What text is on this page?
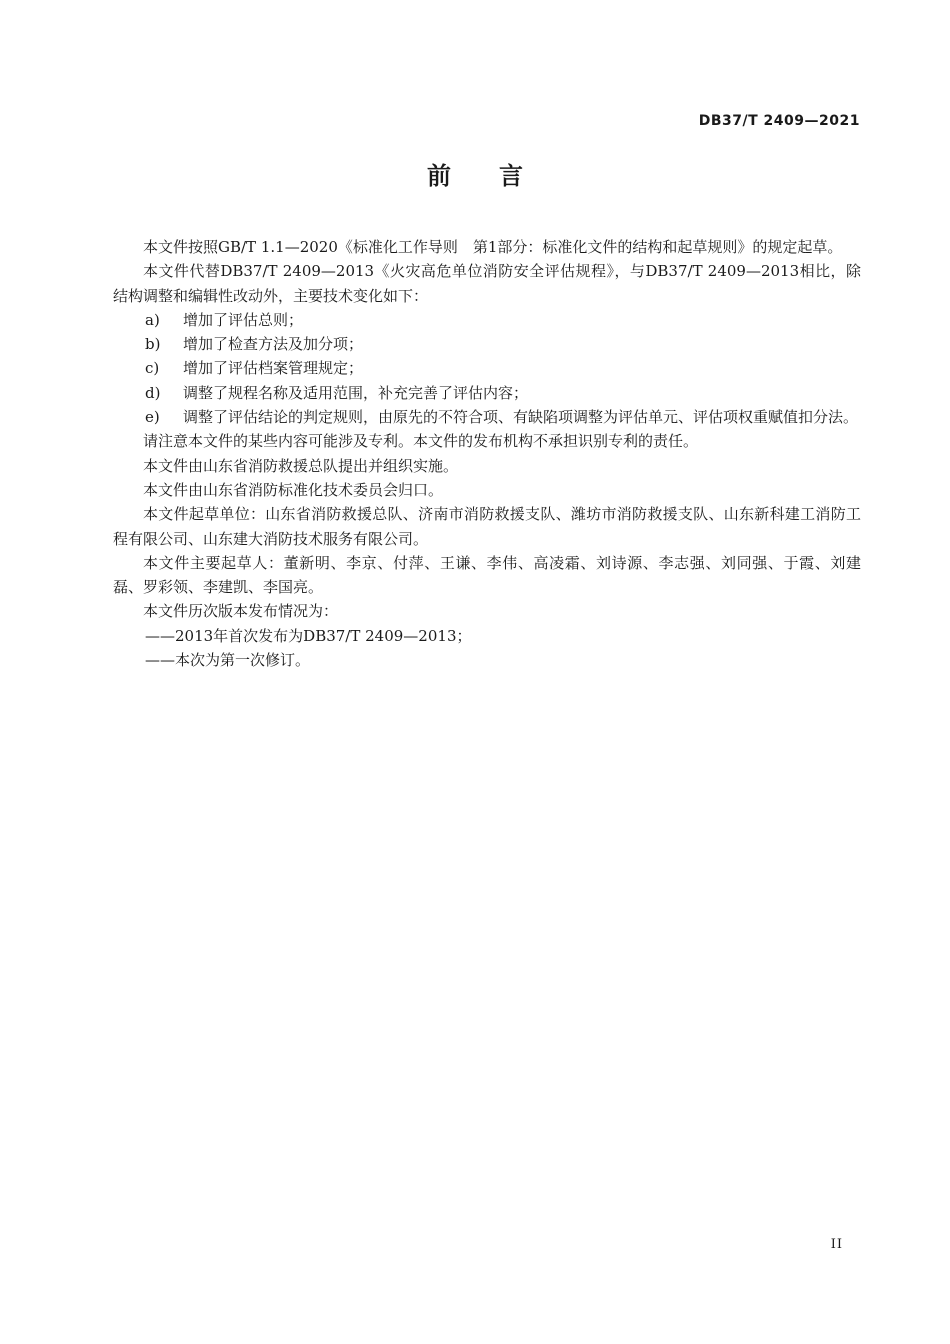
DB37/T 2409—2021
前 言

本文件按照GB/T 1.1—2020《标准化工作导则　第1部分：标准化文件的结构和起草规则》的规定起草。

本文件代替DB37/T 2409—2013《火灾高危单位消防安全评估规程》，与DB37/T 2409—2013相比，除结构调整和编辑性改动外，主要技术变化如下：

a)	增加了评估总则；
b)	增加了检查方法及加分项；
c)	增加了评估档案管理规定；
d)	调整了规程名称及适用范围，补充完善了评估内容；
e)	调整了评估结论的判定规则，由原先的不符合项、有缺陷项调整为评估单元、评估项权重赋值扣分法。

请注意本文件的某些内容可能涉及专利。本文件的发布机构不承担识别专利的责任。

本文件由山东省消防救援总队提出并组织实施。

本文件由山东省消防标准化技术委员会归口。

本文件起草单位：山东省消防救援总队、济南市消防救援支队、潍坊市消防救援支队、山东新科建工消防工程有限公司、山东建大消防技术服务有限公司。

本文件主要起草人：董新明、李京、付萍、王谦、李伟、高凌霜、刘诗源、李志强、刘同强、于霞、刘建磊、罗彩领、李建凯、李国亮。

本文件历次版本发布情况为：

——2013年首次发布为DB37/T 2409—2013；

——本次为第一次修订。

II
